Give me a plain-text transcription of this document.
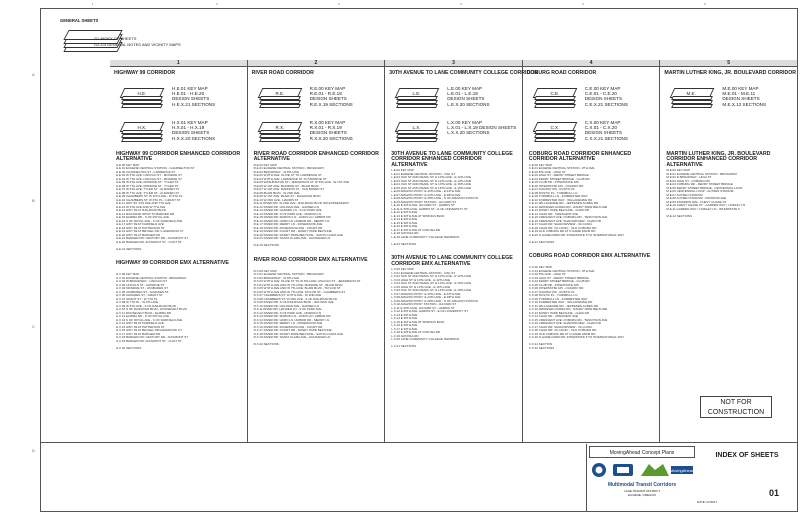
1	2	3	4	5	6
A
B
C
D
GENERAL SHEETS
G1 INDEX OF SHEETS
G2-G3 GENERAL NOTES AND VICINITY MAPS
1
HIGHWAY 99 CORRIDOR
H.E.
H.E.01 KEY MAP
H.E.01 - H.E.20
DESIGN SHEETS
H.E.X.21 SECTIONS
H.X.
H.X.01 KEY MAP
H.X.01 - H.X.19
DESIGN SHEETS
H.X.X.20 SECTIONS
HIGHWAY 99 CORRIDOR ENHANCED CORRIDOR ALTERNATIVE
H.E.00 KEY MAP
H.E.01 EUGENE CENTRAL STATION - CHARNELTON ST
H.E.02 CHARNELTON ST - LAWRENCE ST
H.E.03 W 6TH AVE: LINCOLN ST - MONROE ST
H.E.04 W 7TH AVE: LINCOLN ST - MONROE ST
H.E.05 W 6TH AVE: MONROE ST - TYLER ST
H.E.06 W 7TH AVE: MONROE ST - TYLER ST
H.E.07 W 6TH AVE: TYLER ST - ALMADEN ST
H.E.08 W 7TH AVE: TYLER ST - ALMADEN ST
H.E.09 CHAMBERS ST: W 11TH AVE - W 6TH PL
H.E.10 CHAMBERS ST: W 6TH PL - GRANT ST
H.E.11 HWY 99: 6TH AVE AND 7TH AVE
H.E.12 W 6TH AVE AND W 7TH AVE
H.E.13 HWY 99 AT RAILROAD BLVD
H.E.14 RAILROAD SPUR TO BARGER DR
H.E.15 ELMIRA RD - S OF ROYAL AVE
H.E.16 S OF ROYAL AVE - S OF FAIRFIELD AVE
H.E.17 HWY 99 AT FAIRFIELD AVE
H.E.18 HWY 99 AT PATTERSON ST
H.E.19 HWY 99 AT BETHEL DR / LAKEWOOD CT
H.E.20 HWY 99 AT BARGER DR
H.E.21 BARGER DR: CENTURY DR - ALTAMONT ST
H.E.22 BARGER DR: ALTAMONT ST - CLINT ST
H.E.21 SECTIONS
HIGHWAY 99 CORRIDOR EMX ALTERNATIVE
H.X.00 KEY MAP
H.X.01 EUGENE CENTRAL STATION - BROADWAY
H.X.02 W BROADWAY - LINCOLN ST
H.X.03 LINCOLN ST - MONROE ST
H.X.04 MONROE ST - VANBUREN ST
H.X.05 VANBUREN ST - ALMADEN ST
H.X.06 ALMADEN ST - GRANT ST
H.X.07 GRANT ST - W 7TH PL
H.X.08 W 7TH PL - W 6TH AVE
H.X.09 W 6TH AVE - S OF RAILROAD BLVD
H.X.10 S OF RAILROAD BLVD - ROOSEVELT BLVD
H.X.11 ROOSEVELT BLVD - ELMIRA RD
H.X.12 ELMIRA RD - S OF ROYAL AVE
H.X.13 S OF ROYAL AVE - S OF FAIRFIELD AVE
H.X.14 HWY 99 AT FAIRFIELD AVE
H.X.15 HWY 99 AT PATTERSON ST
H.X.16 HWY 99 AT BETHEL DR/LAKEWOOD CT
H.X.17 HWY 99 AT BARGER DR
H.X.18 BARGER DR: CENTURY DR - ALTAMONT ST
H.X.19 BARGER DR: ALTAMONT ST - CLINT ST
H.X.20 SECTIONS
2
RIVER ROAD CORRIDOR
R.E.
R.E.00 KEY MAP
R.E.01 - R.E.18
DESIGN SHEETS
R.E.X.19 SECTIONS
R.X.
R.X.00 KEY MAP
R.X.01 - R.X.19
DESIGN SHEETS
R.X.X.20 SECTIONS
RIVER ROAD CORRIDOR ENHANCED CORRIDOR ALTERNATIVE
R.E.00 KEY MAP
R.E.01 EUGENE CENTRAL STATION - BROADWAY
R.E.02 BROADWAY - W 8TH AVE
R.E.03 W 8TH AVE: OLIVE ST TO LAWRENCE ST
R.E.04 W 8TH AVE: LAWRENCE ST TO MONROE ST
R.E.05 WASHINGTON ST / JEFFERSON ST: W 8TH AVE - W 1ST AVE
R.E.06 W 1ST AVE: MONROE ST - BLAIR BLVD
R.E.07 W 1ST AVE: MADISON ST - VAN BUREN ST
R.E.08 BLAIR BLVD - W 2ND AVE
R.E.09 W 1ST AVE: BLAIR ST - RAILROAD BLVD
R.E.10 W 2ND AVE - HARRIS ST
R.E.11 RIVER RD: W 2ND AVE - RAILROAD BLVD NW EXPRESSWAY
R.E.12 RIVER RD: HOLINAN AVE - HANSEN LN
R.E.13 RIVER RD: HANSEN LN - S OF PARK AVE
R.E.14 RIVER RD: S OF PARK AVE - MARION LN
R.E.15 RIVER RD: MARION LN - HORN LN / ARBOR DR
R.E.16 RIVER RD: HORN LN / ARBOR DR - MERRY LN
R.E.17 RIVER RD: MERRY LN - ROSEWOOD AVE
R.E.18 RIVER RD: ROSEWOOD AVE - KOURT DR
R.E.19 RIVER RD: KOURT DR - RANDY PAPE BELTLINE
R.E.20 RIVER RD: RANDY PAPE BELTLINE - SANTA CLARA AVE
R.E.21 RIVER RD: SANTA CLARA AVE - HUNSAKER LN
R.E.19 SECTIONS
RIVER ROAD CORRIDOR EMX ALTERNATIVE
R.X.00 KEY MAP
R.X.01 EUGENE CENTRAL STATION - BROADWAY
R.X.02 BROADWAY - W 8TH AVE
R.X.03 W 8TH AVE: OLIVE ST TO W 6TH AVE: LINCOLN ST - JEFFERSON ST
R.X.04 W 6TH AVE AND W 7TH AVE: MONROE ST - BLAIR BLVD
R.X.05 W 6TH AVE AND W 7TH AVE: BLAIR BLVD - TAYLOR ST
R.X.06 W 6TH AVE AND W 7TH AVE: TAYLOR ST - CHAMBERS ST
R.X.07 CHAMBERS ST: W 6TH AVE - W 2ND AVE
R.X.08 CHAMBERS ST: W 2ND AVE - S OF RAILROAD BLVD
R.X.09 RIVER RD: S OF RAILROAD BLVD - HOLINAN AVE
R.X.10 RIVER RD: HOLINAN AVE - HANSEN LN
R.X.11 RIVER RD: HANSEN LN - S OF PARK AVE
R.X.12 RIVER RD: S OF PARK AVE - MARION LN
R.X.13 RIVER RD: MARION LN - HORN LN / ARBOR DR
R.X.14 RIVER RD: HORN LN / ARBOR DR - MERRY LN
R.X.15 RIVER RD: MERRY LN - ROSEWOOD AVE
R.X.16 RIVER RD: ROSEWOOD AVE - KOURT DR
R.X.17 RIVER RD: KOURT DR - RANDY PAPE BELTLINE
R.X.18 RIVER RD: RANDY PAPE BELTLINE - SANTA CLARA AVE
R.X.19 RIVER RD: SANTA CLARA AVE - HUNSAKER LN
R.X.20 SECTIONS
3
30TH AVENUE TO LANE COMMUNITY COLLEGE CORRIDOR
L.E.
L.E.00 KEY MAP
L.E.01 - L.E.19
DESIGN SHEETS
L.E.X.20 SECTIONS
L.X.
L.X.00 KEY MAP
L.X.01 - L.X.19 DESIGN SHEETS
L.X.X.20 SECTIONS
30TH AVENUE TO LANE COMMUNITY COLLEGE CORRIDOR ENHANCED CORRIDOR ALTERNATIVE
L.E.00 KEY MAP
L.E.01 EUGENE CENTRAL STATION - OAK ST
L.E.02 OAK ST AND PEARL ST: E 10TH AVE - E 12TH AVE
L.E.03 OAK ST AND PEARL ST: E 12TH AVE - E 13TH AVE
L.E.04 OAK ST AND PEARL ST: E 13TH AVE - E 16TH AVE
L.E.05 OAK ST AND PEARL ST: E 16TH AVE - E 19TH AVE
L.E.06 AMAZON PKWY: E 20TH AVE - E 24TH AVE
L.E.07 AMAZON PKWY: E 24TH AVE - E 28TH AVE
L.E.08 AMAZON PKWY: E 28TH AVE - N OF AMAZON STATION
L.E.09 AMAZON PKWY STATION - HILYARD ST
L.E.10 E 30TH AVE: HILYARD ST - HARRIS ST
L.E.11 E 30TH AVE: HARRIS ST - E OF UNIVERSITY ST
L.E.12 E 30TH AVE
L.E.13 E 30TH AVE AT SPRINGS BLVD
L.E.14 E 30TH AVE
L.E.15 E 30TH AVE
L.E.16 E 30TH AVE
L.E.17 E 30TH AVE AT GONYEA RD
L.E.18 GONYEA RD
L.E.19 LANE COMMUNITY COLLEGE TERMINUS
L.E.20 SECTIONS
30TH AVENUE TO LANE COMMUNITY COLLEGE CORRIDOR EMX ALTERNATIVE
L.X.00 KEY MAP
L.X.01 EUGENE CENTRAL STATION - OAK ST
L.X.02 OAK ST AND PEARL ST: E 10TH AVE - E 12TH AVE
L.X.03 HIGH ST: E 10TH AVE - E 12TH AVE
L.X.04 OAK ST AND PEARL ST: E 13TH AVE - E 16TH AVE
L.X.05 HIGH ST: E 13TH AVE - E 16TH AVE
L.X.06 OAK ST AND PEARL ST: E 16TH AVE - E 19TH AVE
L.X.07 AMAZON PKWY: E 20TH AVE - E 24TH AVE
L.X.08 AMAZON PKWY: E 24TH AVE - E 28TH AVE
L.X.09 AMAZON PKWY: E 28TH AVE - N OF AMAZON STATION
L.X.10 AMAZON PKWY STATION - HILYARD ST
L.X.11 E 30TH AVE: HILYARD ST - HARRIS ST
L.X.12 E 30TH AVE: HARRIS ST - E OF UNIVERSITY ST
L.X.13 E 30TH AVE
L.X.14 E 30TH AVE
L.X.15 E 30TH AVE AT SPRINGS BLVD
L.X.16 E 30TH AVE
L.X.17 E 30TH AVE
L.X.18 E 30TH AVE AT GONYEA RD
L.X.19 GONYEA RD
L.X.20 LANE COMMUNITY COLLEGE TERMINUS
L.X.21 SECTIONS
4
COBURG ROAD CORRIDOR
C.E.
C.E.00 KEY MAP
C.E.01 - C.E.20
DESIGN SHEETS
C.E.X.21 SECTIONS
C.X.
C.X.00 KEY MAP
C.X.01 - C.X.20
DESIGN SHEETS
C.X.X.21 SECTIONS
COBURG ROAD CORRIDOR ENHANCED CORRIDOR ALTERNATIVE
C.E.00 KEY MAP
C.E.01 EUGENE CENTRAL STATION - 8TH AVE
C.E.02 8TH AVE - HIGH ST
C.E.03 HIGH ST - FERRY STREET BRIDGE
C.E.04 FERRY STREET BRIDGE - CLUB RD
C.E.05 CLUB RD - INTERSTATE 105
C.E.06 INTERSTATE 105 - OAKWAY RD
C.E.07 OAKWAY RD - RUSTIC PL
C.E.08 RUSTIC PL - TURNBULL LN
C.E.09 TURNBULL LN - FORRESTER WAY
C.E.10 FORRESTER WAY - WILLAKENZIE RD
C.E.11 WILLAKENZIE RD - JEPPESEN ACRES RD
C.E.12 JEPPESEN ACRES RD - RANDY PAPE BELTLINE
C.E.13 RANDY PAPE BELTLINE - CHAD DR
C.E.14 CHAD DR - CRESCENT AVE
C.E.15 CRESCENT AVE: COBURG RD - TENNYSON AVE
C.E.16 CRESCENT AVE: SHADOWVIEW - CHAD DR
C.E.17 CHAD DR: SHADOWVIEW - VA CLINIC
C.E.18 CHAD DR: VA CLINIC - OLD COBURG RD
C.E.19 OLD COBURG RD AT N GAME FARM RD
C.E.20 N GAME FARM RD: INTERSTATE 5 TO INTERNATIONAL WAY
C.E.21 SECTIONS
COBURG ROAD CORRIDOR EMX ALTERNATIVE
C.X.00 KEY MAP
C.X.01 EUGENE CENTRAL STATION - 8TH AVE
C.X.02 8TH AVE - HIGH ST
C.X.03 HIGH ST - FERRY STREET BRIDGE
C.X.04 FERRY STREET BRIDGE - CLUB RD
C.X.05 CLUB RD - INTERSTATE 105
C.X.06 INTERSTATE 105 - OAKWAY RD
C.X.07 OAKWAY RD - RUSTIC PL
C.X.08 RUSTIC PL - TURNBULL LN
C.X.09 TURNBULL LN - FORRESTER WAY
C.X.10 FORRESTER WAY - WILLAKENZIE RD
C.X.11 WILLAKENZIE RD - JEPPESEN ACRES RD
C.X.12 JEPPESEN ACRES RD - RANDY PAPE BELTLINE
C.X.13 RANDY PAPE BELTLINE - CHAD DR
C.X.14 CHAD DR - CRESCENT AVE
C.X.15 CRESCENT AVE: COBURG RD - TENNYSON AVE
C.X.16 CRESCENT AVE: SHADOWVIEW - CHAD DR
C.X.17 CHAD DR: SHADOWVIEW - VA CLINIC
C.X.18 CHAD DR: VA CLINIC - OLD COBURG RD
C.X.19 OLD COBURG RD AT N GAME FARM RD
C.X.20 N GAME FARM RD: INTERSTATE 5 TO INTERNATIONAL WAY
C.X.21 SECTION
C.X.22 SECTIONS
5
MARTIN LUTHER KING, JR. BOULEVARD CORRIDOR
M.E.
M.E.00 KEY MAP
M.E.01 - M.E.11
DESIGN SHEETS
M.E.X.12 SECTIONS
MARTIN LUTHER KING, JR. BOULEVARD CORRIDOR ENHANCED CORRIDOR ALTERNATIVE
M.E.00 KEY MAP
M.E.01 EUGENE CENTRAL STATION - BROADWAY
M.E.02 E BROADWAY - HIGH ST
M.E.03 HIGH ST - COBURG RD
M.E.04 COBURG RD - FERRY STREET BRIDGE
M.E.05 FERRY STREET BRIDGE - CENTENNIAL LOOP
M.E.06 CENTENNIAL LOOP - AUTZEN STADIUM
M.E.07 AUTZEN STADIUM
M.E.08 AUTZEN STADIUM - KINSROW AVE
M.E.09 KINSROW AVE - CHEVY CHASE ST
M.E.10 CHEVY CHASE ST - GARDEN WAY / LINDLEY LN
M.E.11 GARDEN WAY / LINDLEY LN - INTERSTATE 5
M.E.12 SECTIONS
NOT FOR
CONSTRUCTION
MovingAhead Concept Plans
MovingAhead
Multimodal Transit Corridors
LANE TRANSIT DISTRICT
EUGENE, OREGON
INDEX OF SHEETS
DATE: 07/2017
01
